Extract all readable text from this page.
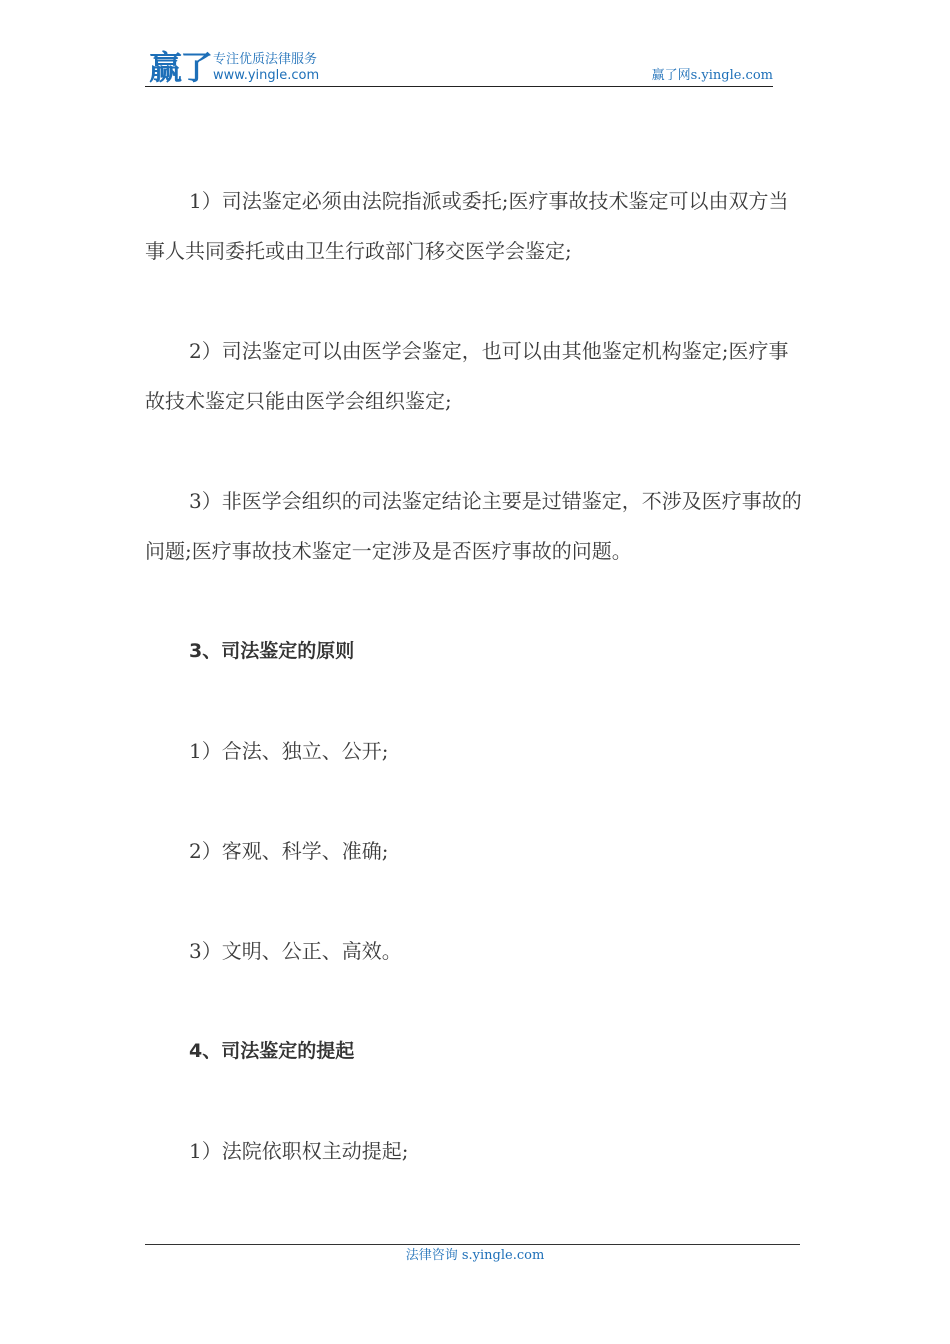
赢了 专注优质法律服务
www.yingle.com	赢了网s.yingle.com

1）司法鉴定必须由法院指派或委托;医疗事故技术鉴定可以由双方当事人共同委托或由卫生行政部门移交医学会鉴定;

2）司法鉴定可以由医学会鉴定，也可以由其他鉴定机构鉴定;医疗事故技术鉴定只能由医学会组织鉴定;

3）非医学会组织的司法鉴定结论主要是过错鉴定，不涉及医疗事故的问题;医疗事故技术鉴定一定涉及是否医疗事故的问题。

3、司法鉴定的原则

1）合法、独立、公开;

2）客观、科学、准确;

3）文明、公正、高效。

4、司法鉴定的提起

1）法院依职权主动提起;

法律咨询 s.yingle.com
